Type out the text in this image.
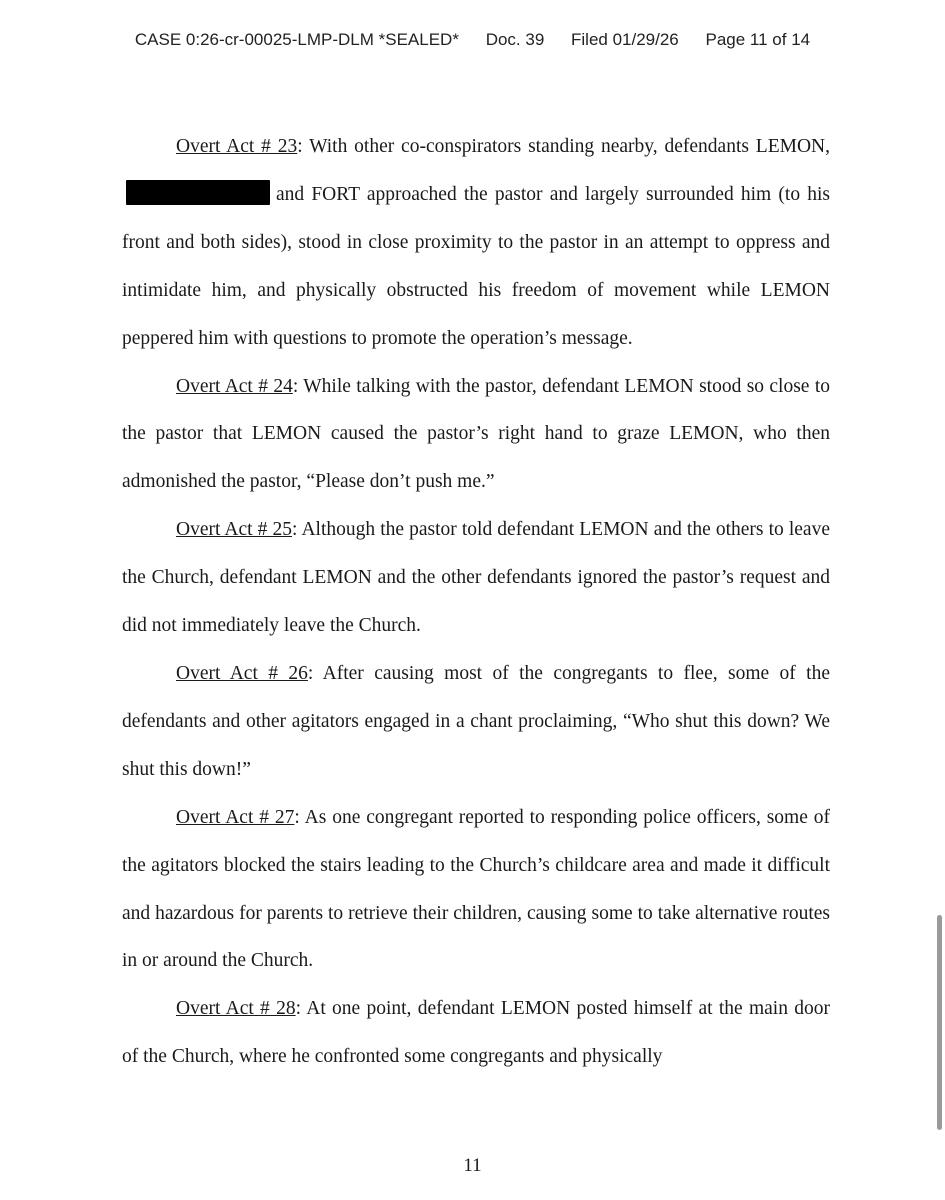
CASE 0:26-cr-00025-LMP-DLM *SEALED* Doc. 39 Filed 01/29/26 Page 11 of 14

Overt Act # 23: With other co-conspirators standing nearby, defendants LEMON,and FORT approached the pastor and largely surrounded him (to his front and both sides), stood in close proximity to the pastor in an attempt to oppress and intimidate him, and physically obstructed his freedom of movement while LEMON peppered him with questions to promote the operation’s message.

Overt Act # 24: While talking with the pastor, defendant LEMON stood so close to the pastor that LEMON caused the pastor’s right hand to graze LEMON, who then admonished the pastor, “Please don’t push me.”

Overt Act # 25: Although the pastor told defendant LEMON and the others to leave the Church, defendant LEMON and the other defendants ignored the pastor’s request and did not immediately leave the Church.

Overt Act # 26: After causing most of the congregants to flee, some of the defendants and other agitators engaged in a chant proclaiming, “Who shut this down? We shut this down!”

Overt Act # 27: As one congregant reported to responding police officers, some of the agitators blocked the stairs leading to the Church’s childcare area and made it difficult and hazardous for parents to retrieve their children, causing some to take alternative routes in or around the Church.

Overt Act # 28: At one point, defendant LEMON posted himself at the main door of the Church, where he confronted some congregants and physically

11
